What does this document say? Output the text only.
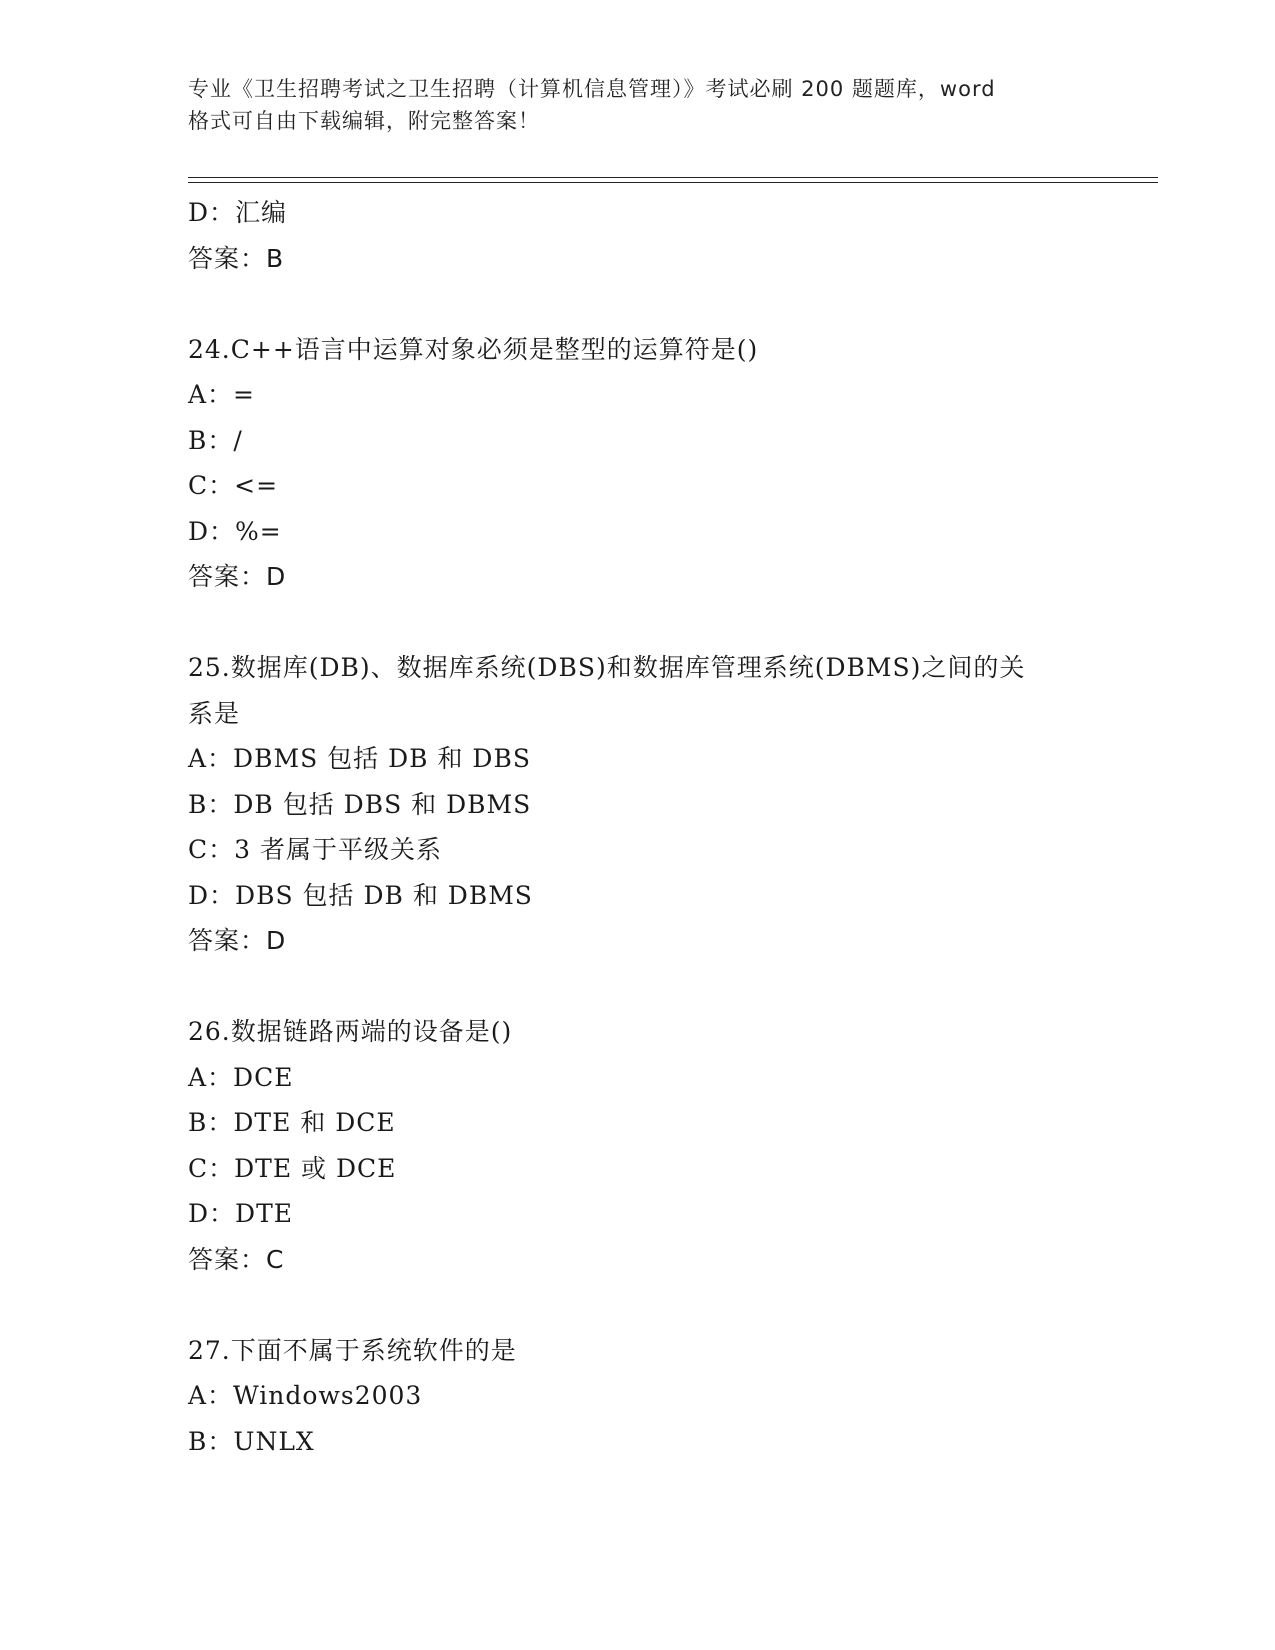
专业《卫生招聘考试之卫生招聘（计算机信息管理）》考试必刷 200 题题库，word
格式可自由下载编辑，附完整答案！
D：汇编
答案：B
24.C++语言中运算对象必须是整型的运算符是()
A：=
B：/
C：<=
D：%=
答案：D
25.数据库(DB)、数据库系统(DBS)和数据库管理系统(DBMS)之间的关
系是
A：DBMS 包括 DB 和 DBS
B：DB 包括 DBS 和 DBMS
C：3 者属于平级关系
D：DBS 包括 DB 和 DBMS
答案：D
26.数据链路两端的设备是()
A：DCE
B：DTE 和 DCE
C：DTE 或 DCE
D：DTE
答案：C
27.下面不属于系统软件的是
A：Windows2003
B：UNLX
